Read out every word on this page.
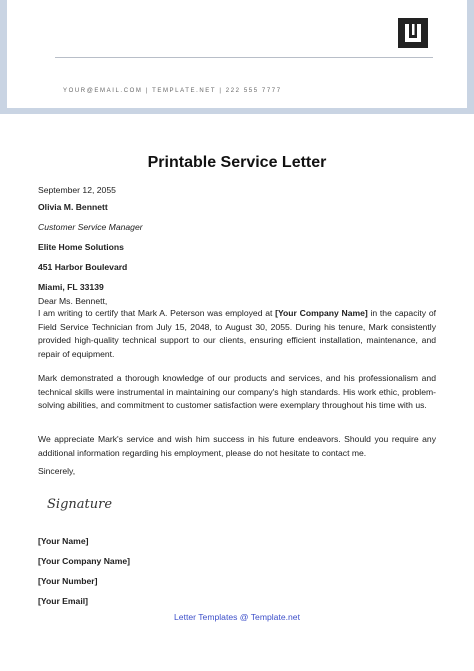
YOUR@EMAIL.COM | TEMPLATE.NET | 222 555 7777
Printable Service Letter
September 12, 2055
Olivia M. Bennett
Customer Service Manager
Elite Home Solutions
451 Harbor Boulevard
Miami, FL 33139
Dear Ms. Bennett,
I am writing to certify that Mark A. Peterson was employed at [Your Company Name] in the capacity of Field Service Technician from July 15, 2048, to August 30, 2055. During his tenure, Mark consistently provided high-quality technical support to our clients, ensuring efficient installation, maintenance, and repair of equipment.
Mark demonstrated a thorough knowledge of our products and services, and his professionalism and technical skills were instrumental in maintaining our company's high standards. His work ethic, problem-solving abilities, and commitment to customer satisfaction were exemplary throughout his time with us.
We appreciate Mark's service and wish him success in his future endeavors. Should you require any additional information regarding his employment, please do not hesitate to contact me.
Sincerely,
Signature
[Your Name]
[Your Company Name]
[Your Number]
[Your Email]
Letter Templates @ Template.net
